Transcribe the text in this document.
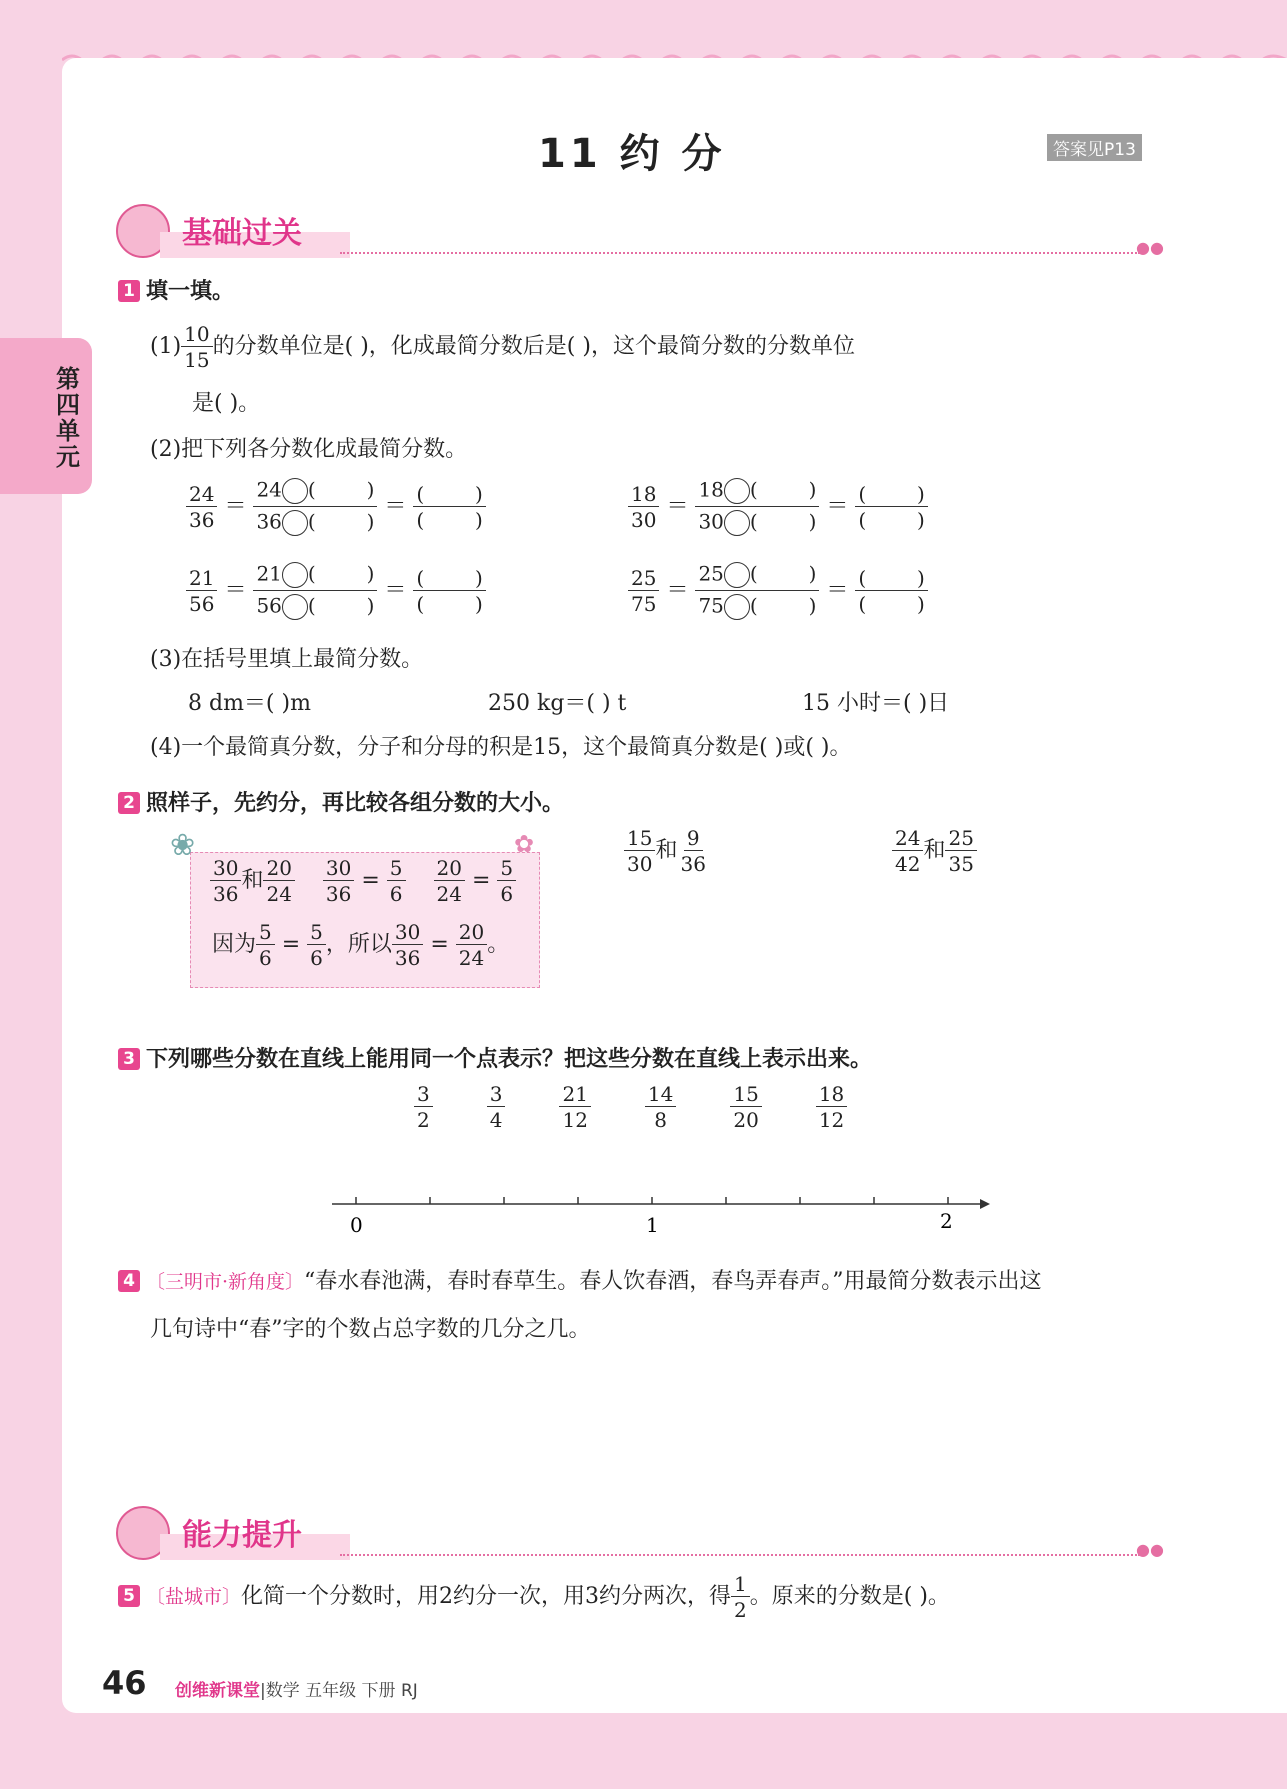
第四单元
11 约 分	答案见P13
基础过关	●●
1 填一填。
$(1) \frac{10}{15}$ 的分数单位是( )，化成最简分数后是( )，这个最简分数的分数单位
是( )。
(2)把下列各分数化成最简分数。
$\frac{24}{36} = \frac{24 ( )}{36 ( )} = \frac{( )}{( )}$	$\frac{18}{30} = \frac{18 ( )}{30 ( )} = \frac{( )}{( )}$
$\frac{21}{56} = \frac{21 ( )}{56 ( )} = \frac{( )}{( )}$	$\frac{25}{75} = \frac{25 ( )}{75 ( )} = \frac{( )}{( )}$
(3)在括号里填上最简分数。
8 dm＝( )m	250 kg＝( ) t	15 小时＝( )日
(4)一个最简真分数，分子和分母的积是15，这个最简真分数是( )或( )。
2 照样子，先约分，再比较各组分数的大小。
❀	✿
$\frac{30}{36}$ 和 $\frac{20}{24}$
$\frac{30}{36} = \frac{5}{6}$
$\frac{20}{24} = \frac{5}{6}$
因为 $\frac{5}{6} = \frac{5}{6}$ ，所以 $\frac{30}{36} = \frac{20}{24}$ 。
$\frac{15}{30}$ 和 $\frac{9}{36}$	$\frac{24}{42}$ 和 $\frac{25}{35}$
3 下列哪些分数在直线上能用同一个点表示？把这些分数在直线上表示出来。
$\frac{3}{2}$
	$\frac{3}{4}$
	$\frac{21}{12}$
	$\frac{14}{8}$
	$\frac{15}{20}$
	$\frac{18}{12}$
0	1	2
4 〔三明市·新角度〕“春水春池满，春时春草生。春人饮春酒，春鸟弄春声。”用最简分数表示出这
几句诗中“春”字的个数占总字数的几分之几。
能力提升	●●
5 〔盐城市〕化简一个分数时，用2约分一次，用3约分两次，得 $\frac{1}{2}$ 。原来的分数是( )。
46 创维新课堂|数学 五年级 下册 RJ
